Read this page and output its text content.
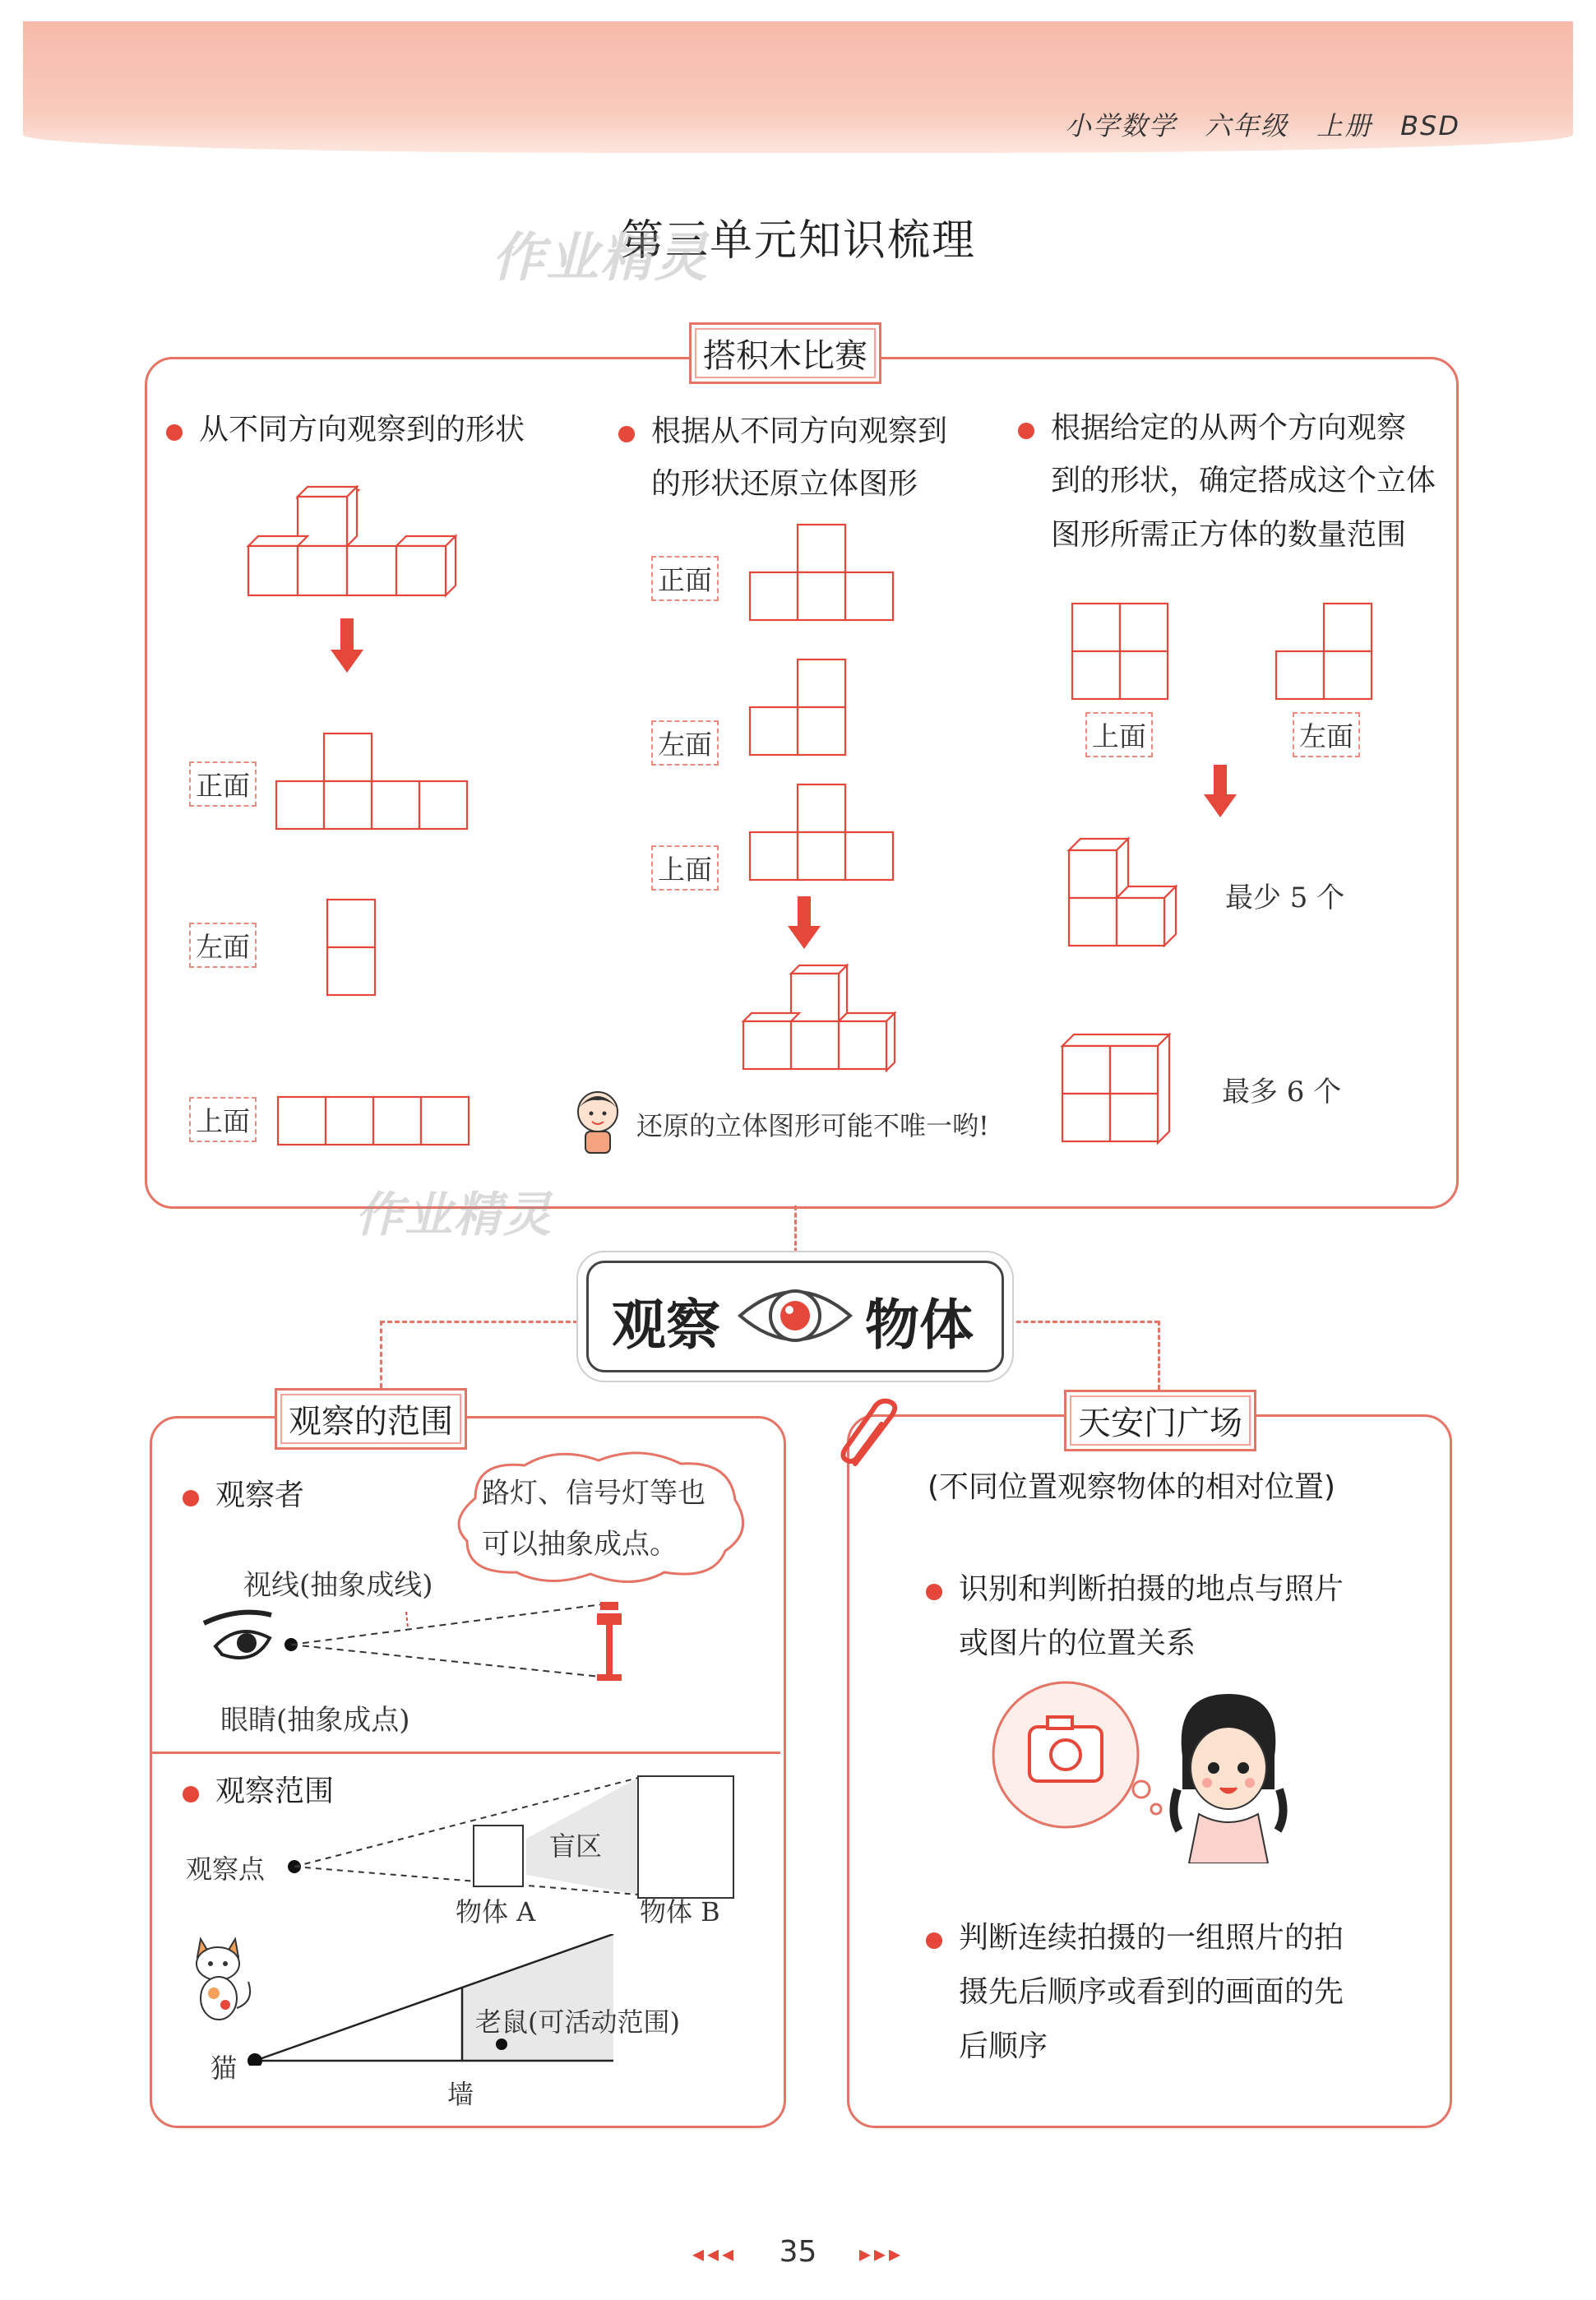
小学数学 六年级 上册 BSD
第三单元知识梳理
作业精灵
搭积木比赛
从不同方向观察到的形状
正面
左面
上面
根据从不同方向观察到
的形状还原立体图形
正面
左面
上面
还原的立体图形可能不唯一哟!
根据给定的从两个方向观察
到的形状，确定搭成这个立体
图形所需正方体的数量范围
上面	左面
最少 5 个
最多 6 个
作业精灵
观察	物体
观察的范围
观察者	路灯、信号灯等也
可以抽象成点。
视线(抽象成线)
眼睛(抽象成点)
观察范围
观察点
盲区
物体 A	物体 B
老鼠(可活动范围)
猫
墙
天安门广场
(不同位置观察物体的相对位置)
识别和判断拍摄的地点与照片
或图片的位置关系
判断连续拍摄的一组照片的拍
摄先后顺序或看到的画面的先
后顺序
◂◂◂ 35 ▸▸▸
